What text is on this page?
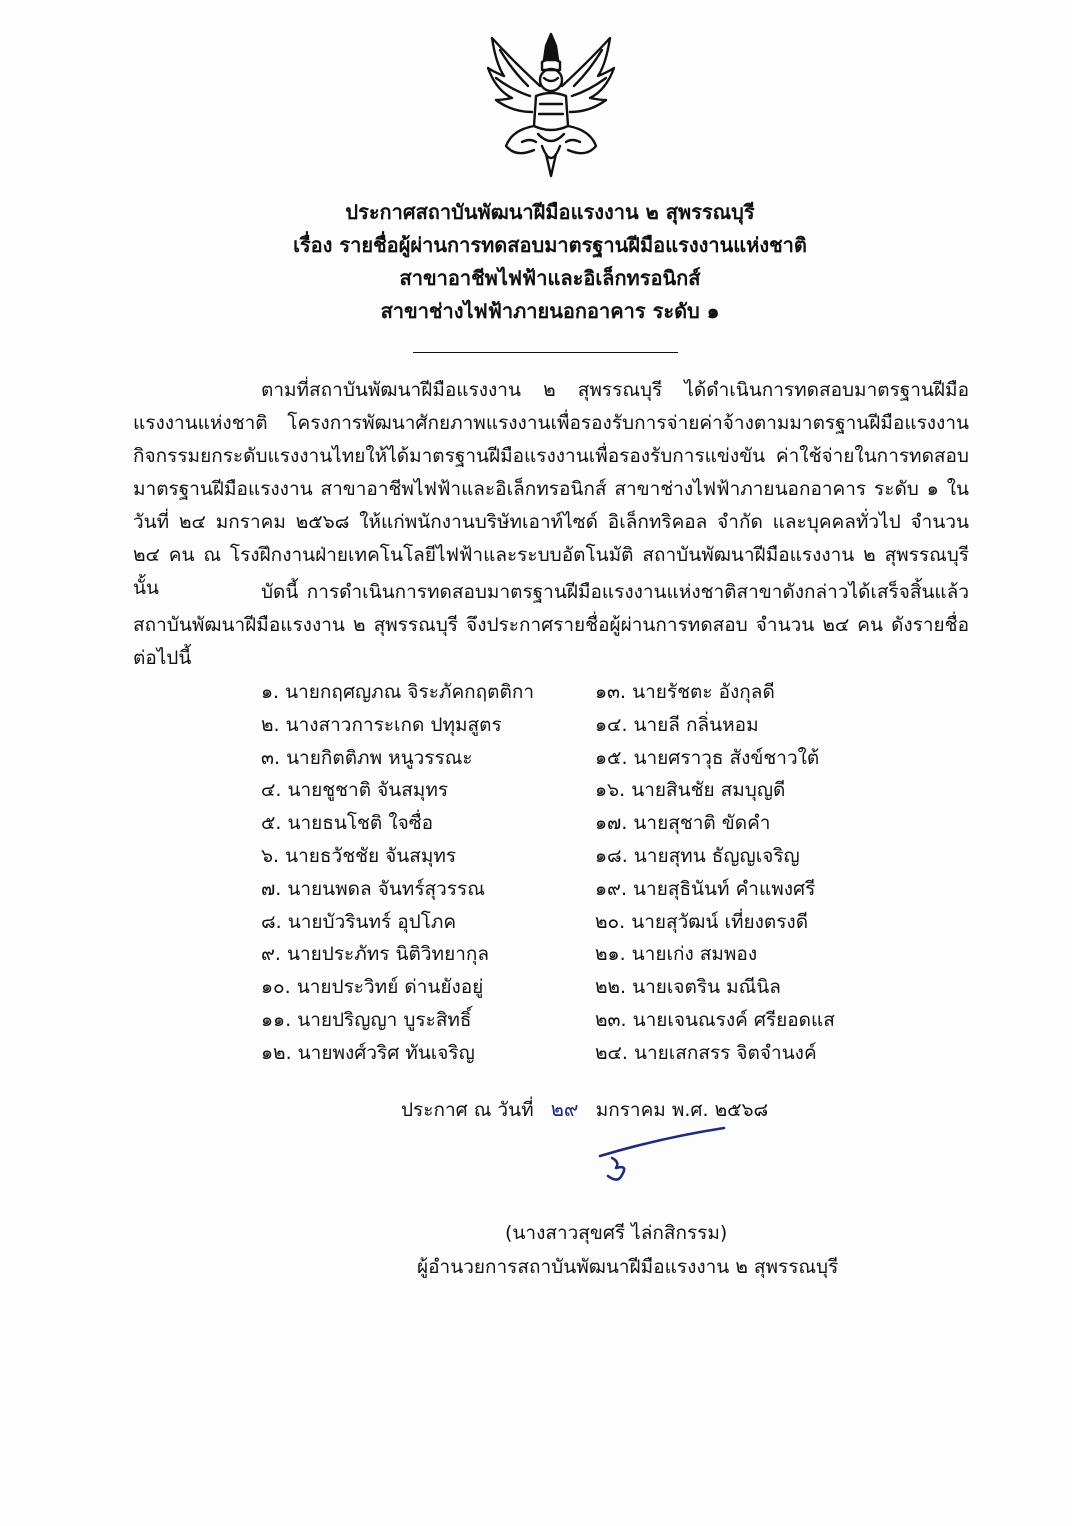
ประกาศสถาบันพัฒนาฝีมือแรงงาน ๒ สุพรรณบุรี
เรื่อง รายชื่อผู้ผ่านการทดสอบมาตรฐานฝีมือแรงงานแห่งชาติ
สาขาอาชีพไฟฟ้าและอิเล็กทรอนิกส์
สาขาช่างไฟฟ้าภายนอกอาคาร ระดับ ๑
ตามที่สถาบันพัฒนาฝีมือแรงงาน ๒ สุพรรณบุรี ได้ดำเนินการทดสอบมาตรฐานฝีมือแรงงานแห่งชาติ โครงการพัฒนาศักยภาพแรงงานเพื่อรองรับการจ่ายค่าจ้างตามมาตรฐานฝีมือแรงงาน กิจกรรมยกระดับแรงงานไทยให้ได้มาตรฐานฝีมือแรงงานเพื่อรองรับการแข่งขัน ค่าใช้จ่ายในการทดสอบมาตรฐานฝีมือแรงงาน สาขาอาชีพไฟฟ้าและอิเล็กทรอนิกส์ สาขาช่างไฟฟ้าภายนอกอาคาร ระดับ ๑ ในวันที่ ๒๔ มกราคม ๒๕๖๘ ให้แก่พนักงานบริษัทเอาท์ไซด์ อิเล็กทริคอล จำกัด และบุคคลทั่วไป จำนวน ๒๔ คน ณ โรงฝึกงานฝ่ายเทคโนโลยีไฟฟ้าและระบบอัตโนมัติ สถาบันพัฒนาฝีมือแรงงาน ๒ สุพรรณบุรี นั้น	บัดนี้ การดำเนินการทดสอบมาตรฐานฝีมือแรงงานแห่งชาติสาขาดังกล่าวได้เสร็จสิ้นแล้ว สถาบันพัฒนาฝีมือแรงงาน ๒ สุพรรณบุรี จึงประกาศรายชื่อผู้ผ่านการทดสอบ จำนวน ๒๔ คน ดังรายชื่อต่อไปนี้
๑. นายกฤศญภณ จิระภัคกฤตติกา
๒. นางสาวการะเกด ปทุมสูตร
๓. นายกิตติภพ หนูวรรณะ
๔. นายชูชาติ จันสมุทร
๕. นายธนโชติ ใจซื่อ
๖. นายธวัชชัย จันสมุทร
๗. นายนพดล จันทร์สุวรรณ
๘. นายบัวรินทร์ อุปโภค
๙. นายประภัทร นิติวิทยากุล
๑๐. นายประวิทย์ ด่านยังอยู่
๑๑. นายปริญญา บูระสิทธิ์
๑๒. นายพงศ์วริศ ทันเจริญ
๑๓. นายรัชตะ อังกุลดี
๑๔. นายลี กลิ่นหอม
๑๕. นายศราวุธ สังข์ชาวใต้
๑๖. นายสินชัย สมบุญดี
๑๗. นายสุชาติ ขัดคำ
๑๘. นายสุทน ธัญญเจริญ
๑๙. นายสุธินันท์ คำแพงศรี
๒๐. นายสุวัฒน์ เที่ยงตรงดี
๒๑. นายเก่ง สมพอง
๒๒. นายเจตริน มณีนิล
๒๓. นายเจนณรงค์ ศรียอดแส
๒๔. นายเสกสรร จิตจำนงค์
ประกาศ ณ วันที่ ๒๙ มกราคม พ.ศ. ๒๕๖๘
(นางสาวสุขศรี ไล่กสิกรรม)
ผู้อำนวยการสถาบันพัฒนาฝีมือแรงงาน ๒ สุพรรณบุรี
